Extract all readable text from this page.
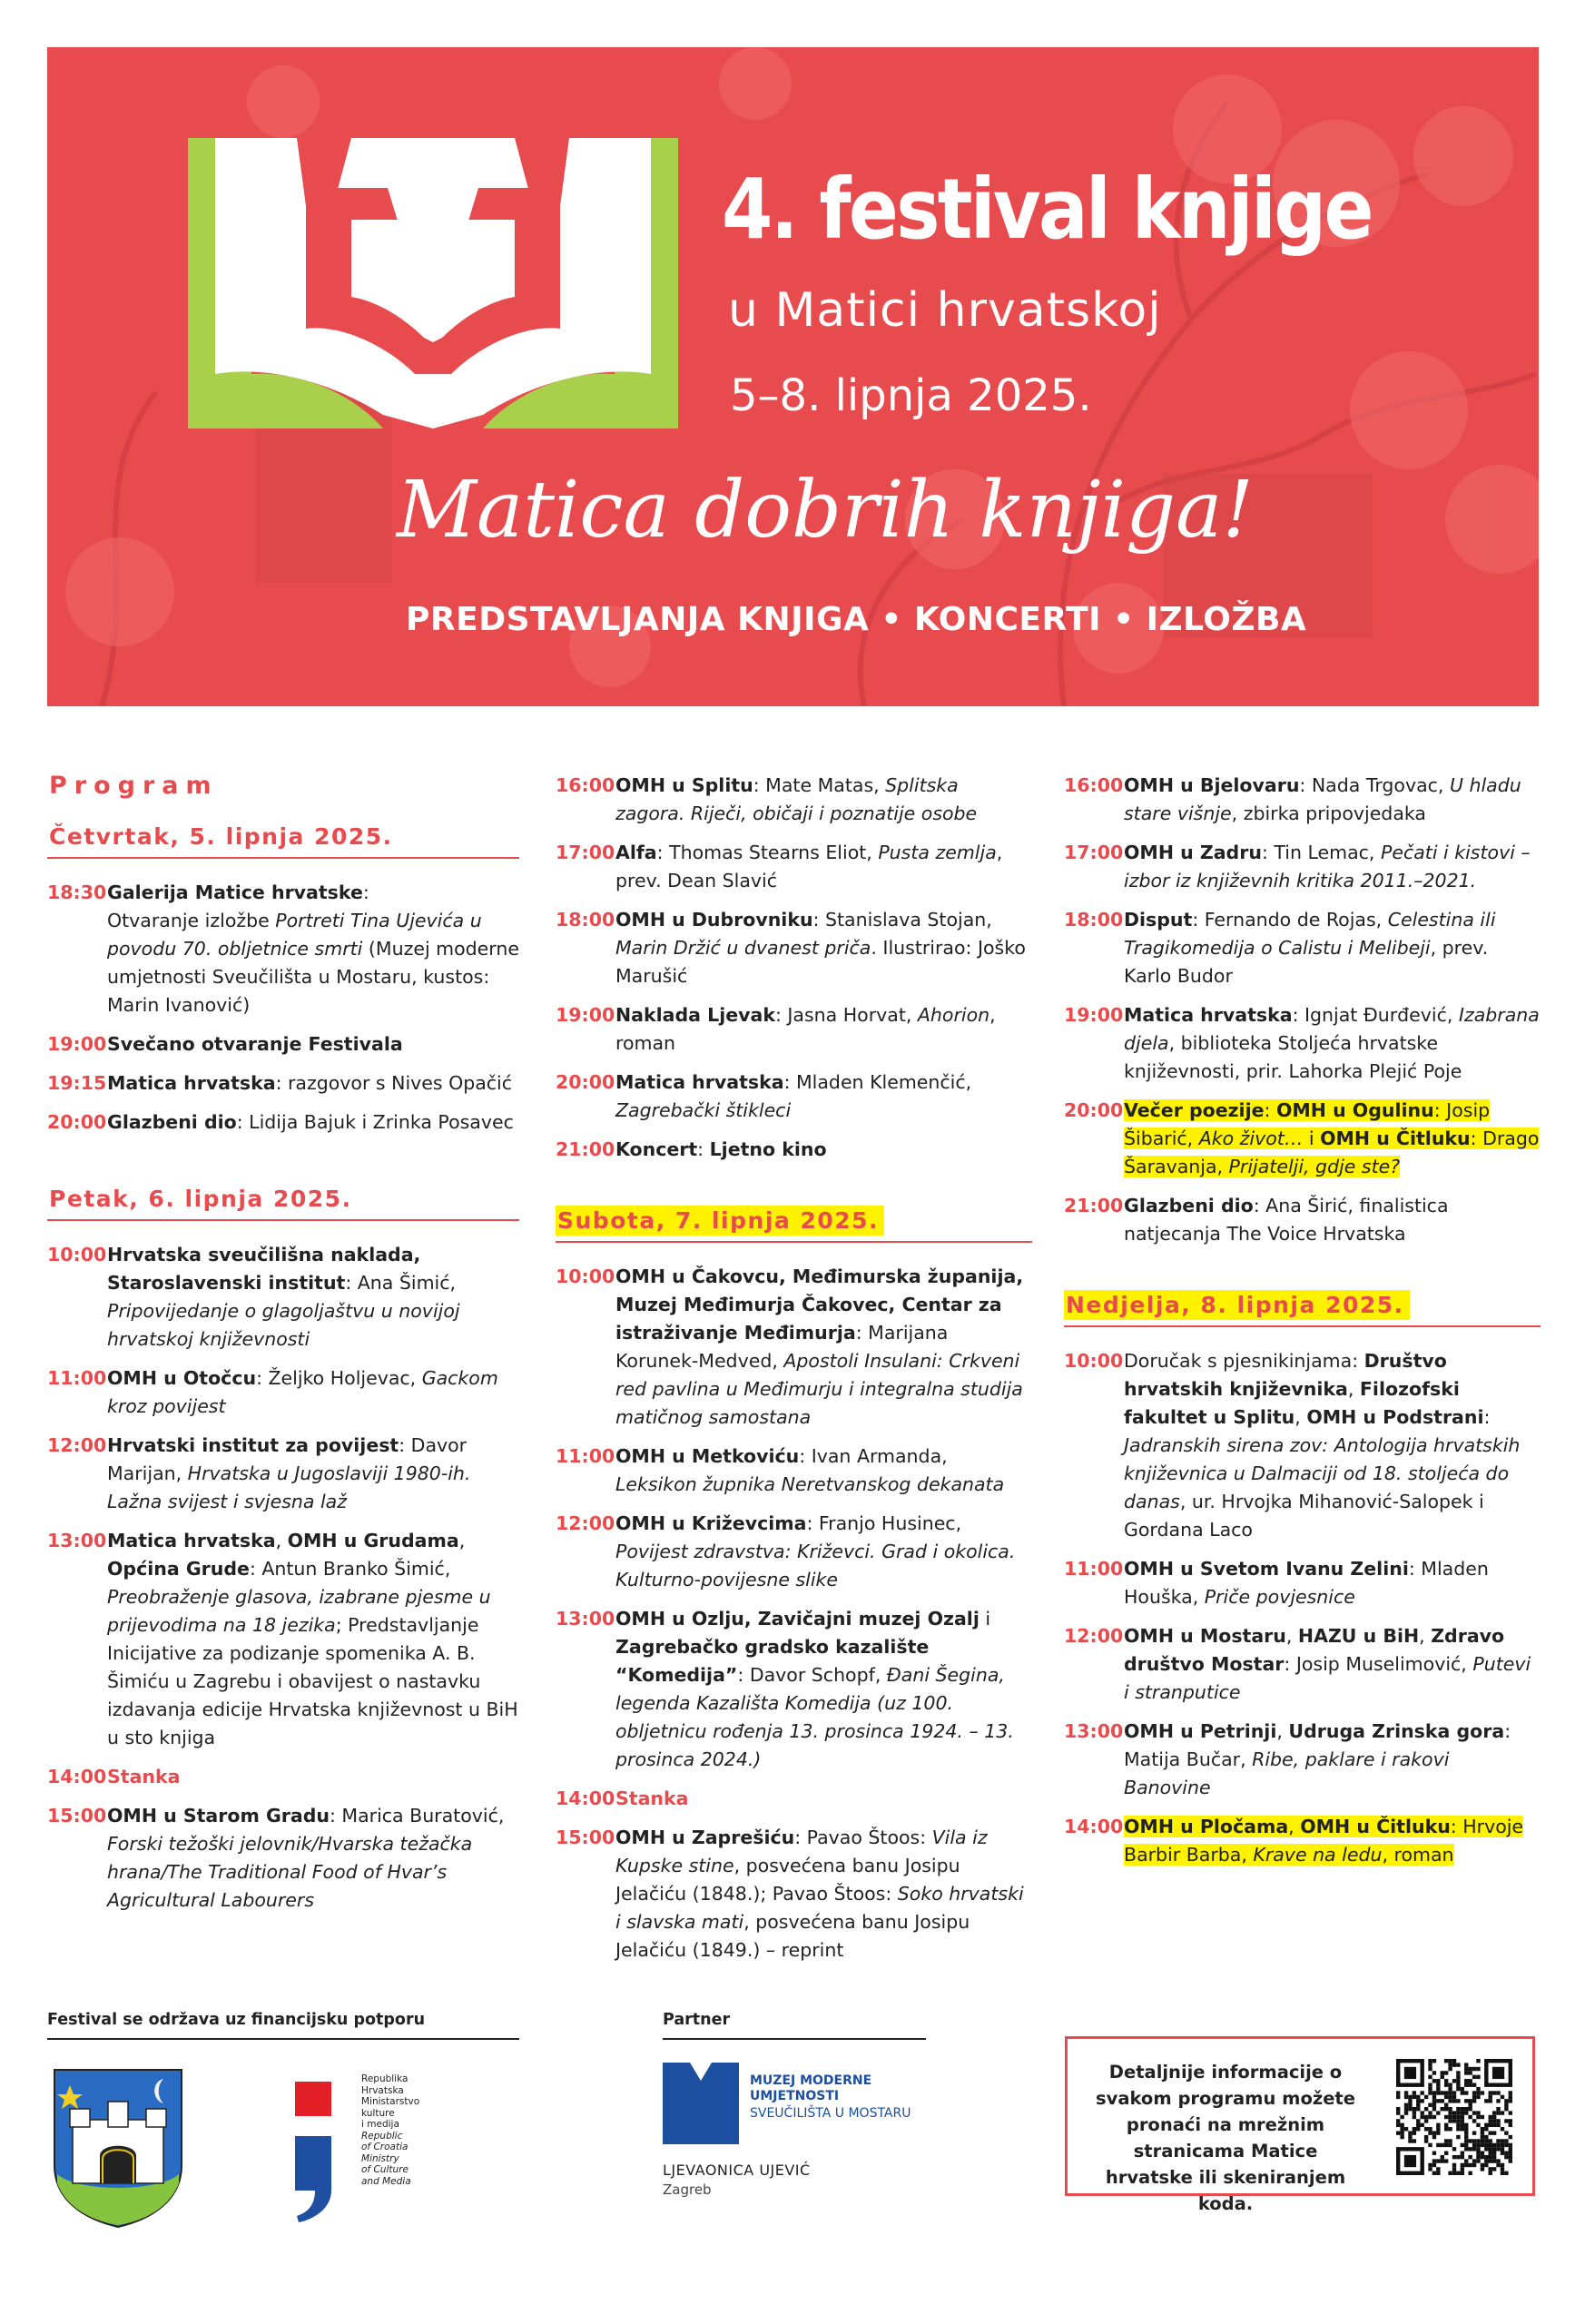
4. festival knjige
u Matici hrvatskoj
5–8. lipnja 2025.
Matica dobrih knjiga!
PREDSTAVLJANJA KNJIGA • KONCERTI • IZLOŽBA
Program
Četvrtak, 5. lipnja 2025.
18:30 Galerija Matice hrvatske:
Otvaranje izložbe Portreti Tina Ujevića u povodu 70. obljetnice smrti (Muzej moderne umjetnosti Sveučilišta u Mostaru, kustos: Marin Ivanović)
19:00 Svečano otvaranje Festivala
19:15 Matica hrvatska: razgovor s Nives Opačić
20:00 Glazbeni dio: Lidija Bajuk i Zrinka Posavec
Petak, 6. lipnja 2025.
10:00 Hrvatska sveučilišna naklada, Staroslavenski institut: Ana Šimić, Pripovijedanje o glagoljaštvu u novijoj hrvatskoj književnosti
11:00 OMH u Otočcu: Željko Holjevac, Gackom kroz povijest
12:00 Hrvatski institut za povijest: Davor Marijan, Hrvatska u Jugoslaviji 1980-ih. Lažna svijest i svjesna laž
13:00 Matica hrvatska, OMH u Grudama, Općina Grude: Antun Branko Šimić, Preobraženje glasova, izabrane pjesme u prijevodima na 18 jezika; Predstavljanje Inicijative za podizanje spomenika A. B. Šimiću u Zagrebu i obavijest o nastavku izdavanja edicije Hrvatska književnost u BiH u sto knjiga
14:00 Stanka
15:00 OMH u Starom Gradu: Marica Buratović, Forski težoški jelovnik/Hvarska težačka hrana/The Traditional Food of Hvar’s Agricultural Labourers
16:00 OMH u Splitu: Mate Matas, Splitska zagora. Riječi, običaji i poznatije osobe
17:00 Alfa: Thomas Stearns Eliot, Pusta zemlja, prev. Dean Slavić
18:00 OMH u Dubrovniku: Stanislava Stojan, Marin Držić u dvanest priča. Ilustrirao: Joško Marušić
19:00 Naklada Ljevak: Jasna Horvat, Ahorion, roman
20:00 Matica hrvatska: Mladen Klemenčić, Zagrebački štikleci
21:00 Koncert: Ljetno kino
Subota, 7. lipnja 2025.
10:00 OMH u Čakovcu, Međimurska županija, Muzej Međimurja Čakovec, Centar za istraživanje Međimurja: Marijana Korunek-Medved, Apostoli Insulani: Crkveni red pavlina u Međimurju i integralna studija matičnog samostana
11:00 OMH u Metkoviću: Ivan Armanda, Leksikon župnika Neretvanskog dekanata
12:00 OMH u Križevcima: Franjo Husinec, Povijest zdravstva: Križevci. Grad i okolica. Kulturno-povijesne slike
13:00 OMH u Ozlju, Zavičajni muzej Ozalj i Zagrebačko gradsko kazalište “Komedija”: Davor Schopf, Đani Šegina, legenda Kazališta Komedija (uz 100. obljetnicu rođenja 13. prosinca 1924. – 13. prosinca 2024.)
14:00 Stanka
15:00 OMH u Zaprešiću: Pavao Štoos: Vila iz Kupske stine, posvećena banu Josipu Jelačiću (1848.); Pavao Štoos: Soko hrvatski i slavska mati, posvećena banu Josipu Jelačiću (1849.) – reprint
16:00 OMH u Bjelovaru: Nada Trgovac, U hladu stare višnje, zbirka pripovjedaka
17:00 OMH u Zadru: Tin Lemac, Pečati i kistovi – izbor iz književnih kritika 2011.–2021.
18:00 Disput: Fernando de Rojas, Celestina ili Tragikomedija o Calistu i Melibeji, prev. Karlo Budor
19:00 Matica hrvatska: Ignjat Đurđević, Izabrana djela, biblioteka Stoljeća hrvatske književnosti, prir. Lahorka Plejić Poje
20:00 Večer poezije: OMH u Ogulinu: Josip Šibarić, Ako život… i OMH u Čitluku: Drago Šaravanja, Prijatelji, gdje ste?
21:00 Glazbeni dio: Ana Širić, finalistica natjecanja The Voice Hrvatska
Nedjelja, 8. lipnja 2025.
10:00 Doručak s pjesnikinjama: Društvo hrvatskih književnika, Filozofski fakultet u Splitu, OMH u Podstrani: Jadranskih sirena zov: Antologija hrvatskih književnica u Dalmaciji od 18. stoljeća do danas, ur. Hrvojka Mihanović-Salopek i Gordana Laco
11:00 OMH u Svetom Ivanu Zelini: Mladen Houška, Priče povjesnice
12:00 OMH u Mostaru, HAZU u BiH, Zdravo društvo Mostar: Josip Muselimović, Putevi i stranputice
13:00 OMH u Petrinji, Udruga Zrinska gora: Matija Bučar, Ribe, paklare i rakovi Banovine
14:00 OMH u Pločama, OMH u Čitluku: Hrvoje Barbir Barba, Krave na ledu, roman
Festival se održava uz financijsku potporu
Republika
Hrvatska
Ministarstvo
kulture
i medija
Republic
of Croatia
Ministry
of Culture
and Media
Partner
MUZEJ MODERNE
UMJETNOSTI
SVEUČILIŠTA U MOSTARU
LJEVAONICA UJEVIĆ
Zagreb
Detaljnije informacije o svakom programu možete pronaći na mrežnim stranicama Matice hrvatske ili skeniranjem koda.
